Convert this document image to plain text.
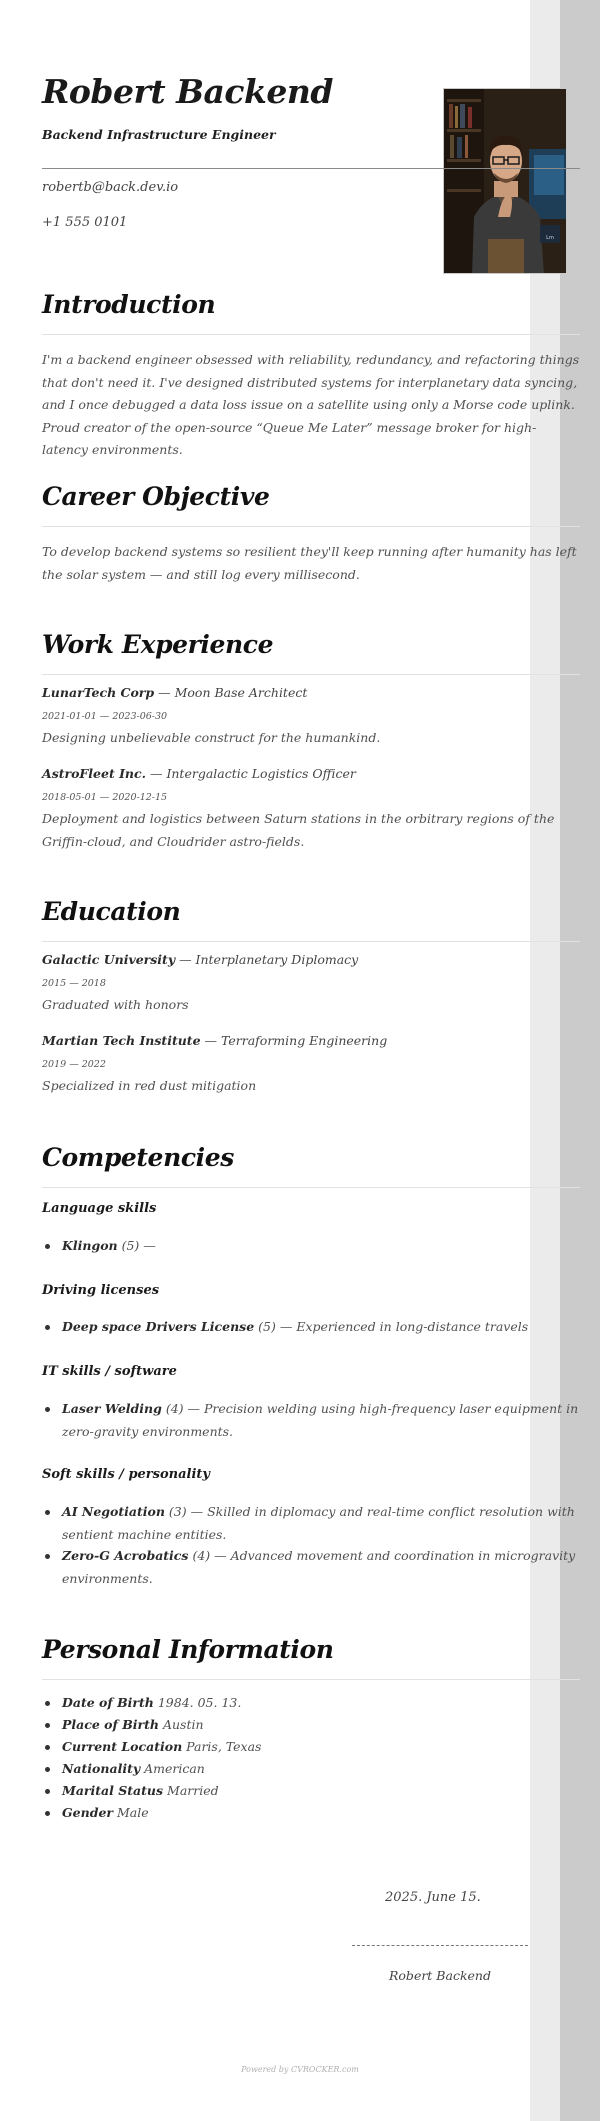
Lm
Robert Backend

Backend Infrastructure Engineer

robertb@back.dev.io

+1 555 0101

Introduction

I'm a backend engineer obsessed with reliability, redundancy, and refactoring things that don't need it. I've designed distributed systems for interplanetary data syncing, and I once debugged a data loss issue on a satellite using only a Morse code uplink. Proud creator of the open-source “Queue Me Later” message broker for high-latency environments.

Career Objective

To develop backend systems so resilient they'll keep running after humanity has left the solar system — and still log every millisecond.

Work Experience

LunarTech Corp — Moon Base Architect

2021-01-01 — 2023-06-30

Designing unbelievable construct for the humankind.

AstroFleet Inc. — Intergalactic Logistics Officer

2018-05-01 — 2020-12-15

Deployment and logistics between Saturn stations in the orbitrary regions of the Griffin-cloud, and Cloudrider astro-fields.

Education

Galactic University — Interplanetary Diplomacy

2015 — 2018

Graduated with honors

Martian Tech Institute — Terraforming Engineering

2019 — 2022

Specialized in red dust mitigation

Competencies

Language skills

Klingon (5) —

Driving licenses

Deep space Drivers License (5) — Experienced in long-distance travels

IT skills / software

Laser Welding (4) — Precision welding using high-frequency laser equipment in zero-gravity environments.

Soft skills / personality

AI Negotiation (3) — Skilled in diplomacy and real-time conflict resolution with sentient machine entities.

Zero-G Acrobatics (4) — Advanced movement and coordination in microgravity environments.

Personal Information

Date of Birth 1984. 05. 13.

Place of Birth Austin

Current Location Paris, Texas

Nationality American

Marital Status Married

Gender Male

2025. June 15.

Robert Backend

Powered by CVROCKER.com
